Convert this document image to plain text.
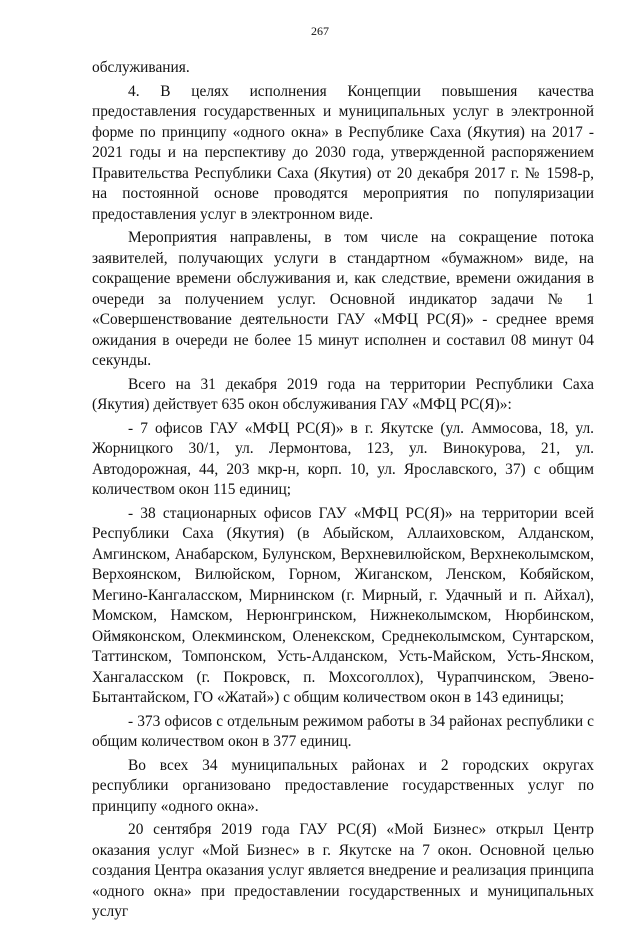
267

обслуживания.

4. В целях исполнения Концепции повышения качества предоставления государственных и муниципальных услуг в электронной форме по принципу «одного окна» в Республике Саха (Якутия) на 2017 - 2021 годы и на перспективу до 2030 года, утвержденной распоряжением Правительства Республики Саха (Якутия) от 20 декабря 2017 г. № 1598-р, на постоянной основе проводятся мероприятия по популяризации предоставления услуг в электронном виде.

Мероприятия направлены, в том числе на сокращение потока заявителей, получающих услуги в стандартном «бумажном» виде, на сокращение времени обслуживания и, как следствие, времени ожидания в очереди за получением услуг. Основной индикатор задачи № 1 «Совершенствование деятельности ГАУ «МФЦ РС(Я)» - среднее время ожидания в очереди не более 15 минут исполнен и составил 08 минут 04 секунды.

Всего на 31 декабря 2019 года на территории Республики Саха (Якутия) действует 635 окон обслуживания ГАУ «МФЦ РС(Я)»:

- 7 офисов ГАУ «МФЦ РС(Я)» в г. Якутске (ул. Аммосова, 18, ул. Жорницкого 30/1, ул. Лермонтова, 123, ул. Винокурова, 21, ул. Автодорожная, 44, 203 мкр-н, корп. 10, ул. Ярославского, 37) с общим количеством окон 115 единиц;

- 38 стационарных офисов ГАУ «МФЦ РС(Я)» на территории всей Республики Саха (Якутия) (в Абыйском, Аллаиховском, Алданском, Амгинском, Анабарском, Булунском, Верхневилюйском, Верхнеколымском, Верхоянском, Вилюйском, Горном, Жиганском, Ленском, Кобяйском, Мегино-Кангаласском, Мирнинском (г. Мирный, г. Удачный и п. Айхал), Момском, Намском, Нерюнгринском, Нижнеколымском, Нюрбинском, Оймяконском, Олекминском, Оленекском, Среднеколымском, Сунтарском, Таттинском, Томпонском, Усть-Алданском, Усть-Майском, Усть-Янском, Хангаласском (г. Покровск, п. Мохсоголлох), Чурапчинском, Эвено-Бытантайском, ГО «Жатай») с общим количеством окон в 143 единицы;

- 373 офисов с отдельным режимом работы в 34 районах республики с общим количеством окон в 377 единиц.

Во всех 34 муниципальных районах и 2 городских округах республики организовано предоставление государственных услуг по принципу «одного окна».

20 сентября 2019 года ГАУ РС(Я) «Мой Бизнес» открыл Центр оказания услуг «Мой Бизнес» в г. Якутске на 7 окон. Основной целью создания Центра оказания услуг является внедрение и реализация принципа «одного окна» при предоставлении государственных и муниципальных услуг
